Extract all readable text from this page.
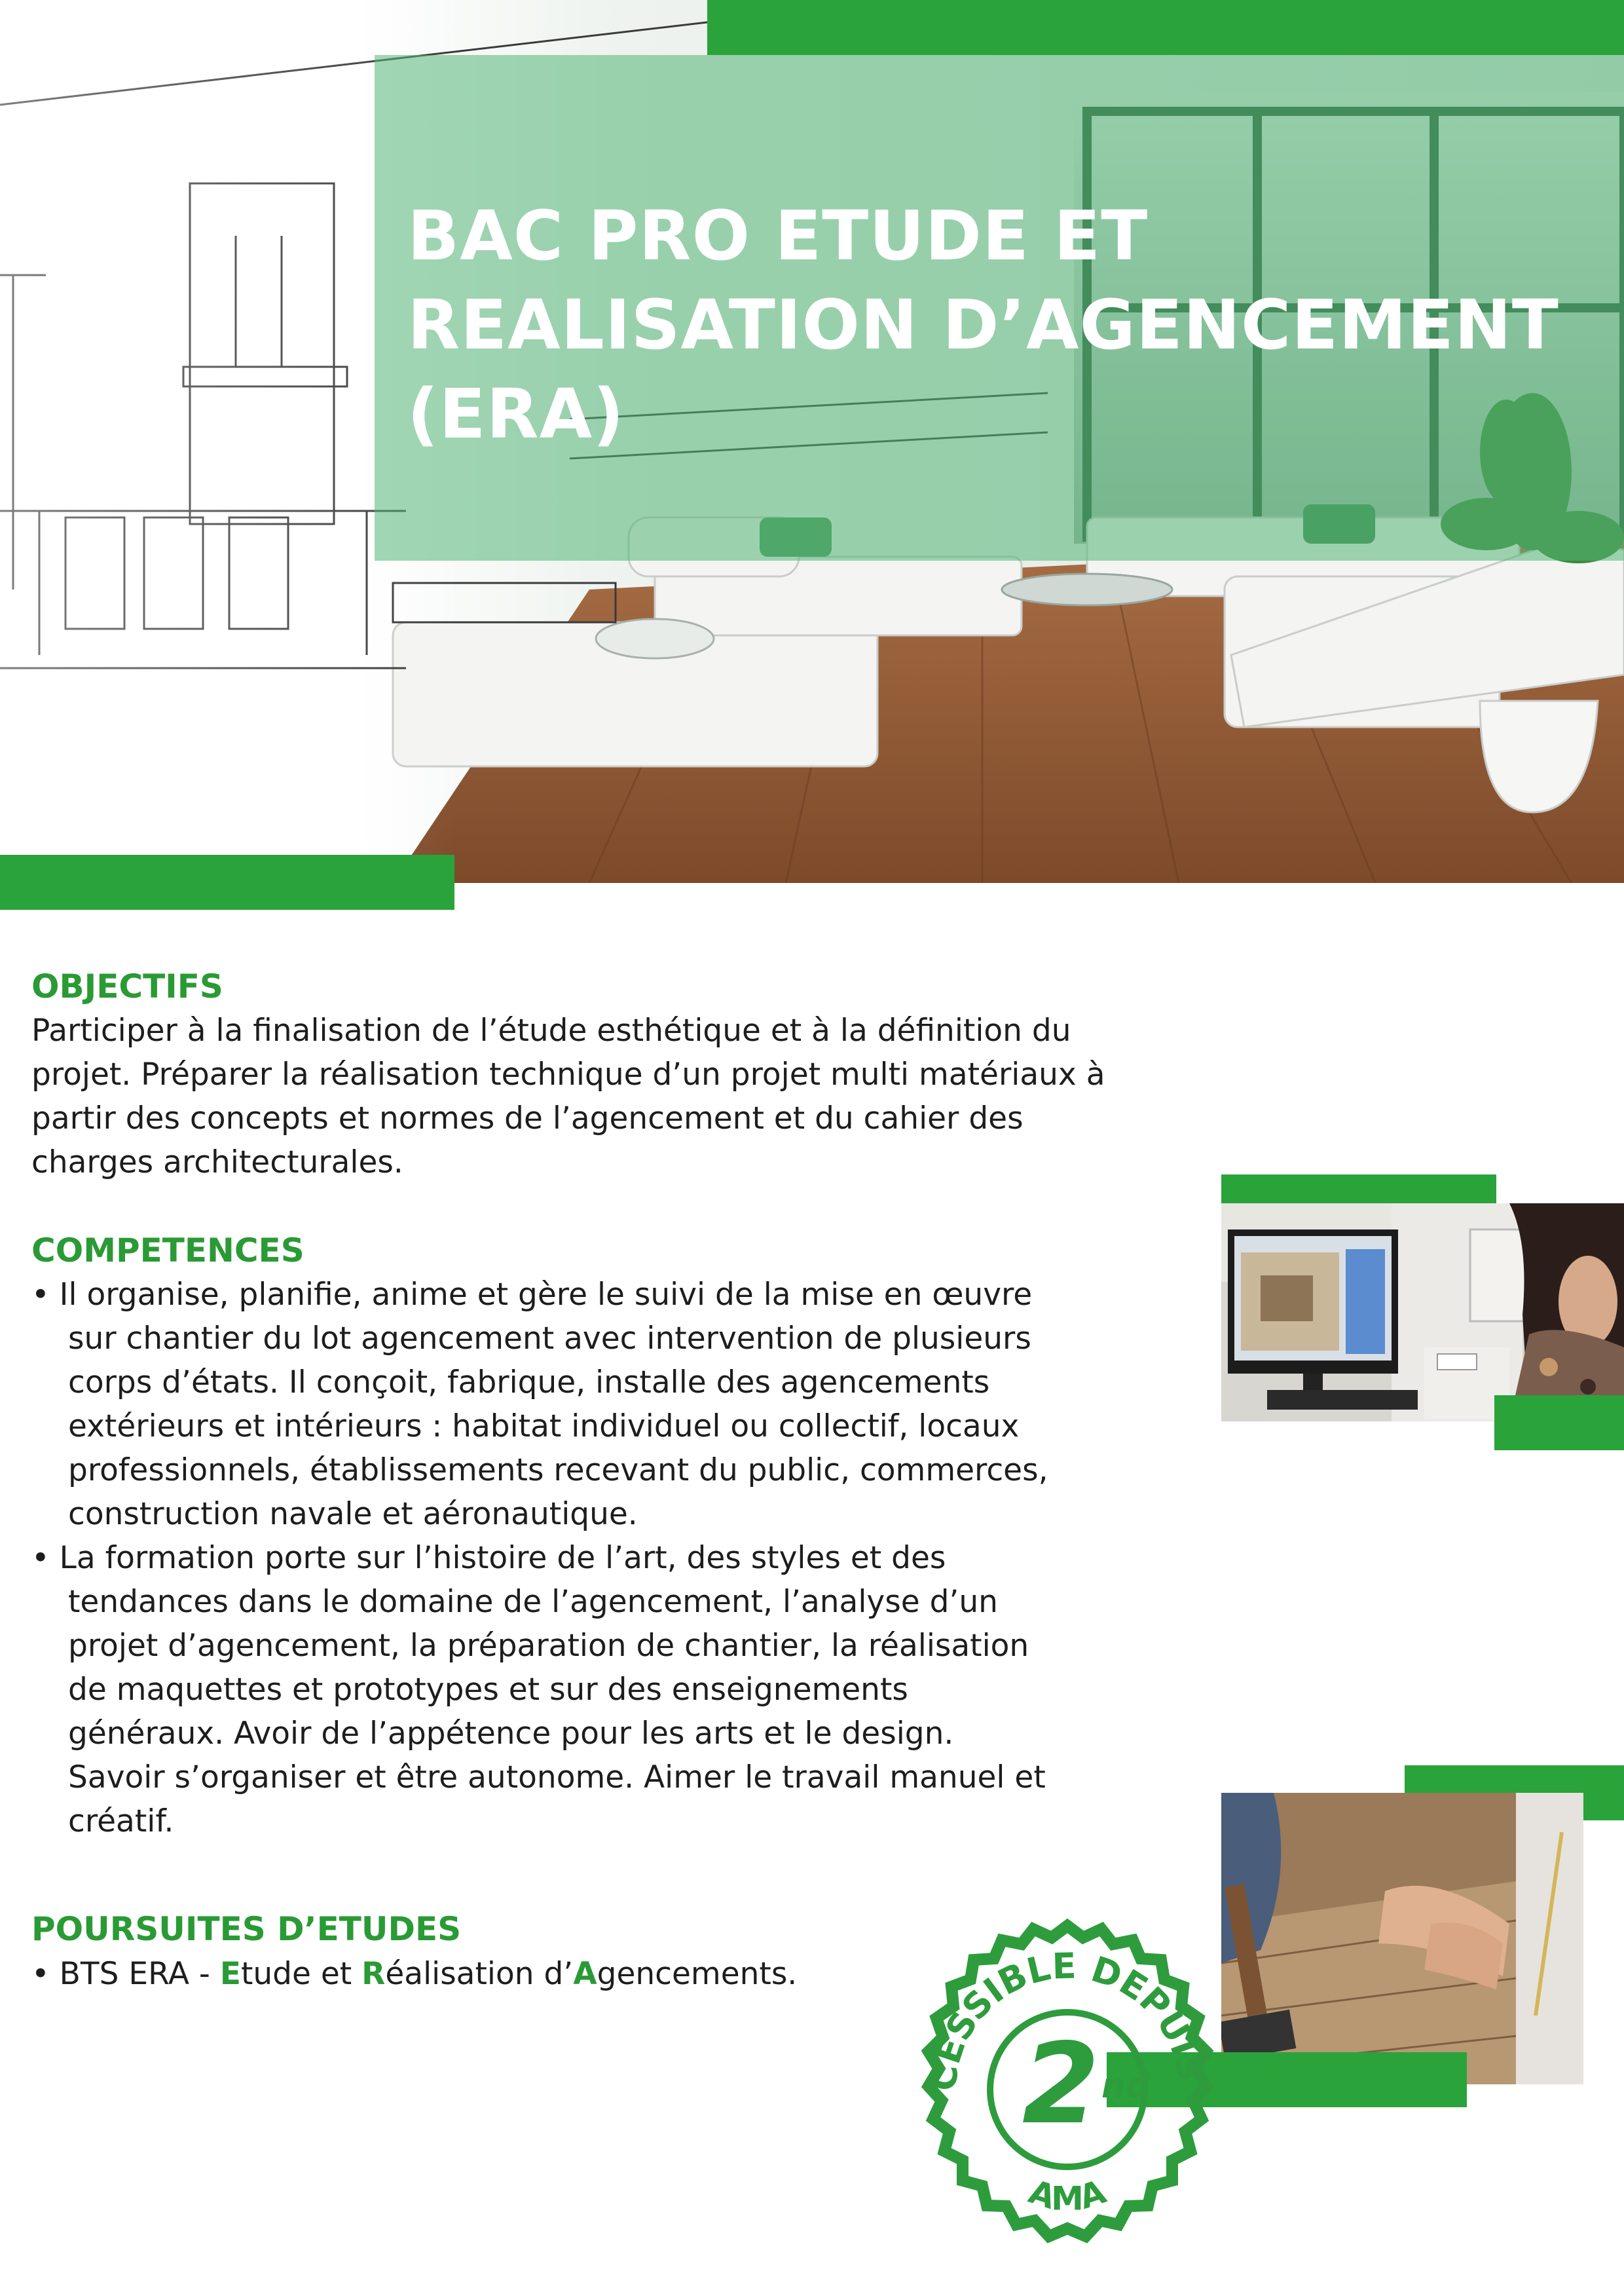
BAC PRO ETUDE ET
REALISATION D’AGENCEMENT
(ERA)
OBJECTIFS
Participer à la finalisation de l’étude esthétique et à la définition du
projet. Préparer la réalisation technique d’un projet multi matériaux à
partir des concepts et normes de l’agencement et du cahier des
charges architecturales.
COMPETENCES
• Il organise, planifie, anime et gère le suivi de la mise en œuvre
sur chantier du lot agencement avec intervention de plusieurs
corps d’états. Il conçoit, fabrique, installe des agencements
extérieurs et intérieurs : habitat individuel ou collectif, locaux
professionnels, établissements recevant du public, commerces,
construction navale et aéronautique.
• La formation porte sur l’histoire de l’art, des styles et des
tendances dans le domaine de l’agencement, l’analyse d’un
projet d’agencement, la préparation de chantier, la réalisation
de maquettes et prototypes et sur des enseignements
généraux. Avoir de l’appétence pour les arts et le design.
Savoir s’organiser et être autonome. Aimer le travail manuel et
créatif.
POURSUITES D’ETUDES
• BTS ERA - Etude et Réalisation d’Agencements.
CESSIBLE DEPUIS
2 nd
AMA
